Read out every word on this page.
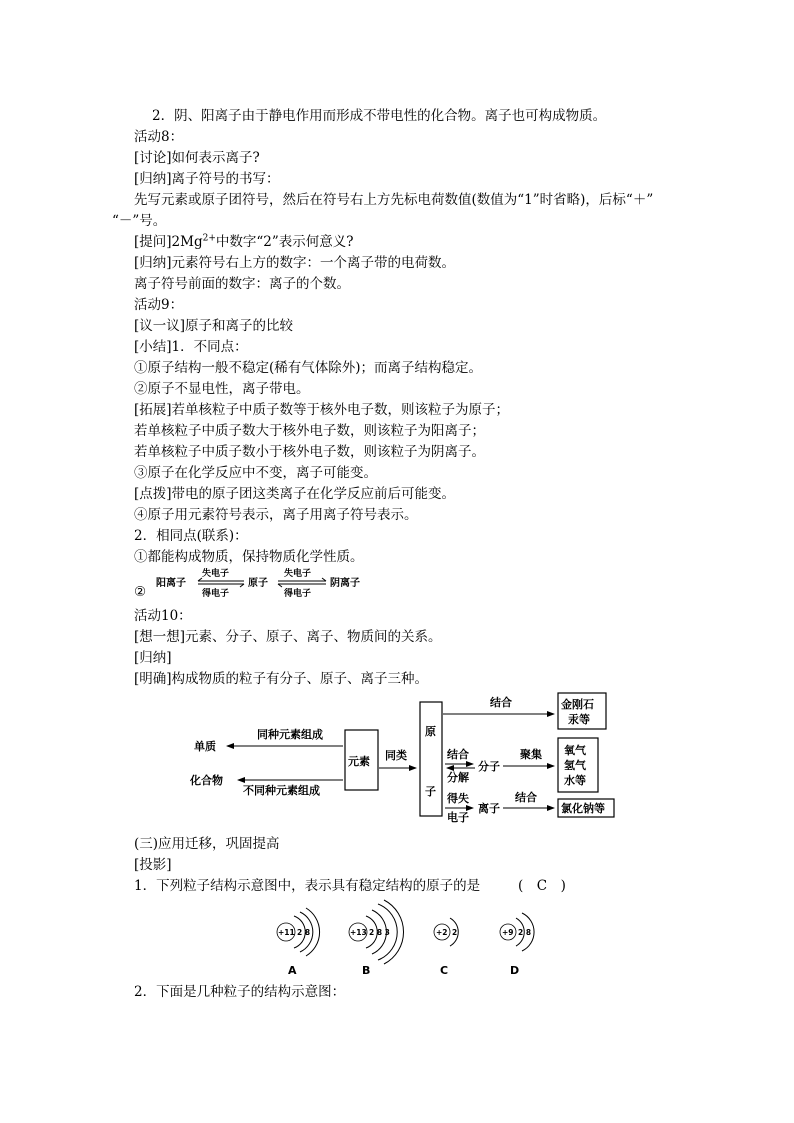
2．阴、阳离子由于静电作用而形成不带电性的化合物。离子也可构成物质。
活动8：
[讨论]如何表示离子?
[归纳]离子符号的书写：
先写元素或原子团符号，然后在符号右上方先标电荷数值(数值为“1”时省略)，后标“＋”
“－”号。
[提问]$2Mg^{2+}$中数字“2”表示何意义?
[归纳]元素符号右上方的数字：一个离子带的电荷数。
离子符号前面的数字：离子的个数。
活动9：
[议一议]原子和离子的比较
[小结]1．不同点：
①原子结构一般不稳定(稀有气体除外)；而离子结构稳定。
②原子不显电性，离子带电。
[拓展]若单核粒子中质子数等于核外电子数，则该粒子为原子；
若单核粒子中质子数大于核外电子数，则该粒子为阳离子；
若单核粒子中质子数小于核外电子数，则该粒子为阴离子。
③原子在化学反应中不变，离子可能变。
[点拨]带电的原子团这类离子在化学反应前后可能变。
④原子用元素符号表示，离子用离子符号表示。
2．相同点(联系)：
①都能构成物质，保持物质化学性质。
②
阳离子
失电子
得电子
原子
失电子
得电子
阴离子
活动10：
[想一想]元素、分子、原子、离子、物质间的关系。
[归纳]
[明确]构成物质的粒子有分子、原子、离子三种。
元素
同种元素组成
单质
化合物
不同种元素组成
同类
原
子
结合	金刚石
汞等
结合
分解
分子
聚集 氧气
氢气
水等
得失
电子
离子
结合
氯化钠等
(三)应用迁移，巩固提高
[投影]
1．下列粒子结构示意图中，表示具有稳定结构的原子的是	(　C　)
+11 2 8
A
+13 2 8 3
B
+2 2
C
+9 2 8
D
2．下面是几种粒子的结构示意图：
